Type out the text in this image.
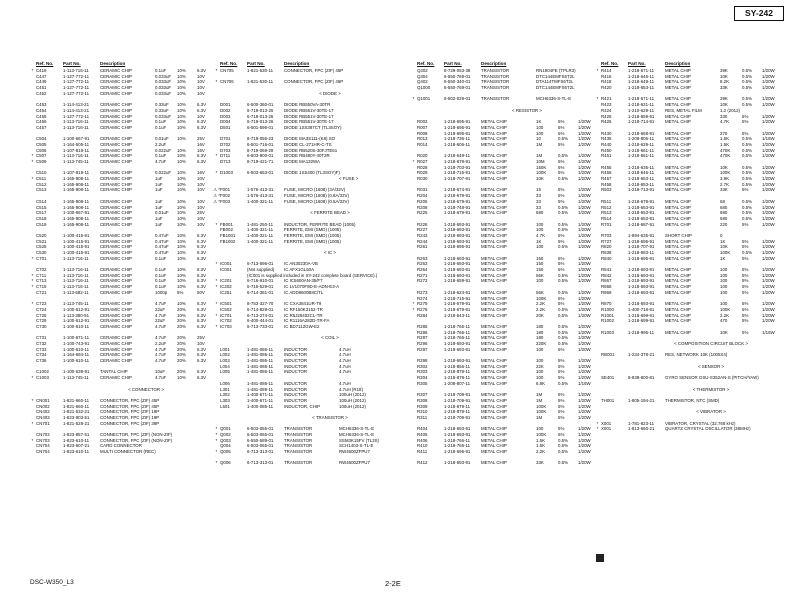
SY-242
Ref. No.	Part No.	Description
* C419	1-113-716-11	CERAMIC CHIP	0.1uF	10%	6.3V
C447	1-127-772-11	CERAMIC CHIP	0.033uF	10%	10V
C449	1-127-772-11	CERAMIC CHIP	0.033uF	10%	10V
C451	1-127-772-11	CERAMIC CHIP	0.033uF	10%	10V
C452	1-127-772-11	CERAMIC CHIP	0.033uF	10%	10V
C453	1-114-413-21	CERAMIC CHIP	0.33uF	10%	6.3V
C454	1-114-413-21	CERAMIC CHIP	0.33uF	10%	6.3V
C455	1-127-772-11	CERAMIC CHIP	0.033uF	10%	10V
C456	1-113-716-11	CERAMIC CHIP	0.1uF	10%	6.3V
C457	1-113-716-11	CERAMIC CHIP	0.1uF	10%	6.3V
C504	1-100-667-91	CERAMIC CHIP	0.01uF	10%	25V
C505	1-164-505-11	CERAMIC CHIP	2.2uF	16V
C506	1-107-819-11	CERAMIC CHIP	0.022uF	10%	16V
* C507	1-113-716-11	CERAMIC CHIP	0.1uF	10%	6.3V
* C509	1-113-745-11	CERAMIC CHIP	4.7uF	10%	6.3V
C510	1-107-819-11	CERAMIC CHIP	0.022uF	10%	16V
* C511	1-165-908-11	CERAMIC CHIP	1uF	10%	10V
C512	1-165-908-11	CERAMIC CHIP	1uF	10%	10V
C513	1-165-908-11	CERAMIC CHIP	1uF	10%	10V
C514	1-165-908-11	CERAMIC CHIP	1uF	10%	10V
C515	1-165-908-11	CERAMIC CHIP	1uF	10%	10V
C517	1-100-667-91	CERAMIC CHIP	0.01uF	10%	25V
C518	1-165-908-11	CERAMIC CHIP	1uF	10%	10V
C519	1-165-908-11	CERAMIC CHIP	1uF	10%	10V
C520	1-100-415-91	CERAMIC CHIP	0.47uF	10%	6.3V
C521	1-100-415-91	CERAMIC CHIP	0.47uF	10%	6.3V
C525	1-100-415-91	CERAMIC CHIP	0.47uF	10%	6.3V
C530	1-100-415-91	CERAMIC CHIP	0.47uF	10%	6.3V
* C701	1-113-716-11	CERAMIC CHIP	0.1uF	10%	6.3V
C702	1-113-716-11	CERAMIC CHIP	0.1uF	10%	6.3V
* C711	1-113-716-11	CERAMIC CHIP	0.1uF	10%	6.3V
* C713	1-113-716-11	CERAMIC CHIP	0.1uF	10%	6.3V
* C715	1-113-716-11	CERAMIC CHIP	0.1uF	10%	6.3V
C721	1-113-682-11	CERAMIC CHIP	1000p	5%	50V
* C723	1-113-745-11	CERAMIC CHIP	4.7uF	10%	6.3V
C724	1-100-612-91	CERAMIC CHIP	22uF	20%	6.3V
C725	1-113-380-91	CERAMIC CHIP	4.7uF	10%	6.3V
C729	1-100-612-91	CERAMIC CHIP	22uF	20%	6.3V
C730	1-100-610-11	CERAMIC CHIP	4.7uF	20%	6.3V
C731	1-100-671-11	CERAMIC CHIP	4.7uF	20%	25V
C732	1-100-743-91	CERAMIC CHIP	2.2uF	20%	10V
C733	1-100-610-11	CERAMIC CHIP	4.7uF	20%	6.3V
C734	1-164-694-11	CERAMIC CHIP	4.7uF	20%	6.3V
C736	1-100-610-11	CERAMIC CHIP	4.7uF	20%	6.3V
C1002	1-100-639-91	TANTAL CHIP	10uF	20%	6.3V
* C1003	1-113-745-11	CERAMIC CHIP	4.7uF	10%	6.3V
< CONNECTOR >
* CN001	1-821-660-11	CONNECTOR, FPC (ZIF) 45P
CN002	1-821-660-11	CONNECTOR, FPC (ZIF) 45P
CN402	1-821-532-21	CONNECTOR, FPC (ZIF) 19P
CN403	1-823-903-51	CONNECTOR, FPC (ZIF) 19P
* CN701	1-821-528-21	CONNECTOR, FPC (ZIF) 39P
CN702	1-823-857-51	CONNECTOR, FPC (ZIF) (NON-ZIF)
* CN703	1-823-610-11	CONNECTOR, FPC (ZIF) (NON-ZIF)
CN704	1-823-607-21	CARD CONNECTOR
CN704	1-823-610-11	MULTI CONNECTOR (REC)
Ref. No.	Part No.	Description
* CN705	1-821-530-11	CONNECTOR, FPC (ZIF) 45P
* CN706	1-821-530-11	CONNECTOR, FPC (ZIF) 45P
< DIODE >
D001	6-500-360-01	DIODE RB550VA-30TR
D002	6-719-013-26	DIODE RB551V-30TE-17
D003	6-719-013-26	DIODE RB551V-30TE-17
D004	6-719-013-26	DIODE RB551V-30TE-17
D501	6-501-596-01	DIODE 1SS387CT (TL3SOY)
D701	8-719-056-23	DIODE MA3S111-(K8).SO
D702	6-501-716-01	DIODE CL-271HR-C-TS
D703	8-719-069-29	DIODE RB520S-30FJTE61
* D711	6-503-800-01	DIODE RB480Y-40T2R
D713	8-719-421-71	DIODE MA132WA
* D1003	6-503-653-01	DIODE 1SS400 (TL3SOY)F)
< FUSE >
⚠ * F001	1-576-413-31	FUSE, MICRO (1608) (3A/32V)
⚠ * F002	1-576-413-31	FUSE, MICRO (1608) (0.8A/32V)
⚠ * F003	1-400-321-11	FUSE, MICRO (1608) (0.5A/32V)
< FERRITE BEAD >
* FB001	1-481-250-11	INDUCTOR, FERRITE BEAD (1005)
FB002	1-400-321-11	FERRITE, EMI (SMD) (1005)
FB1001	1-400-321-11	FERRITE, EMI (SMD) (1005)
FB1002	1-400-321-11	FERRITE, EMI (SMD) (1005)
< IC >
* IC001	6-713-596-01	IC AN30230A-VB
IC001	(Not supplied)	IC AFX1GL50A
(IC001 is supplied included in SY-242 complete board (SERVICE).)
* IC201	6-716-910-01	IC IC5600AN-35/F7
* IC202	6-716-529-01	IC LV1070F9D-E-ADN-E3-A
IC251	6-714-381-01	IC ADD8600B8C/TL
* IC501	8-753-327-70	IC CXA3841UR-T9
IC502	6-714-829-01	IC RF150K3152-TR
* IC701	6-713-274-01	IC R5J28402CL-TR
IC702	6-400-444-01	IC R1116A282D-TR-FA
* IC703	6-713-733-01	IC BD7112GW-E2
< COIL >
L001	1-481-086-11	INDUCTOR	4.7uH
L002	1-481-086-11	INDUCTOR	4.7uH
L003	1-481-086-11	INDUCTOR	4.7uH
L004	1-481-086-11	INDUCTOR	4.7uH
L005	1-481-086-11	INDUCTOR	4.7uH
L006	1-481-086-11	INDUCTOR	4.7uH
L301	1-481-089-11	INDUCTOR	4.7uH (R18)
L302	1-400-671-11	INDUCTOR	100uH (2012)
L303	1-400-671-11	INDUCTOR	100uH (2012)
L501	1-400-085-11	INDUCTOR, CHIP	100uH (2012)
< TRANSISTOR >
* Q001	6-503-065-01	TRANSISTOR	MCH6336-S-TL-E
* Q002	6-503-065-01	TRANSISTOR	MCH6336-S-TL-E
* Q003	6-550-589-01	TRANSISTOR	SSM3K15FV (TL3S)
Q004	6-503-065-01	TRANSISTOR	SCH1403-S-TL-E
* Q005	6-713-313-01	TRANSISTOR	RW4600ZFPU7
* Q006	6-713-313-01	TRANSISTOR	RW4600ZFPU7
Ref. No.	Part No.	Description
Q302	8-729-053-38	TRANSISTOR	RN1904FE (TPLR3)
Q304	6-550-769-01	TRANSISTOR	DTC144EMFS6T2L
Q402	6-550-340-01	TRANSISTOR	DTA114TMFS6T2L
Q1000	6-550-769-01	TRANSISTOR	DTC144EMFS6T2L
* Q1001	6-502-029-01	TRANSISTOR	MCH6336-S-TL-E
< RESISTOR >
R002	1-218-695-91	METAL CHIP	1K	5%	1/20W
R007	1-218-695-91	METAL CHIP	100	5%	1/20W
R008	1-218-695-91	METAL CHIP	100	5%	1/20W
R013	1-218-736-11	METAL CHIP	10	0.5%	1/20W
R014	1-218-606-11	METAL CHIP	1M	5%	1/20W
R020	1-218-649-11	METAL CHIP	1M	0.5%	1/20W
* R027	1-218-679-91	METAL CHIP	10M	5%	1/20W
R028	1-218-703-91	METAL CHIP	150K	5%	1/20W
R029	1-218-715-91	METAL CHIP	100K	5%	1/20W
R030	1-218-707-91	METAL CHIP	10K	0.5%	1/20W
R031	1-218-674-91	METAL CHIP	15	5%	1/20W
R204	1-218-679-91	METAL CHIP	33	5%	1/20W
R206	1-218-679-91	METAL CHIP	33	5%	1/20W
R208	1-218-748-91	METAL CHIP	33	0.5%	1/20W
R225	1-218-679-91	METAL CHIP	680	0.5%	1/20W
R226	1-218-693-91	METAL CHIP	100	0.5%	1/20W
R227	1-218-693-91	METAL CHIP	100	0.5%	1/20W
R243	1-218-693-91	METAL CHIP	4.7K	5%	1/20W
R244	1-218-693-91	METAL CHIP	1K	5%	1/20W
R261	1-218-695-91	METAL CHIP	100	0.5%	1/20W
R263	1-218-693-91	METAL CHIP	150	5%	1/20W
R263	1-218-693-91	METAL CHIP	150	5%	1/20W
R264	1-218-693-91	METAL CHIP	150	5%	1/20W
R271	1-218-693-91	METAL CHIP	56K	0.5%	1/20W
R272	1-218-659-91	METAL CHIP	100	0.5%	1/20W
R273	1-218-624-91	METAL CHIP	56K	0.5%	1/20W
R274	1-218-715-91	METAL CHIP	100K	5%	1/20W
* R275	1-218-679-91	METAL CHIP	2.2K	5%	1/20W
* R276	1-218-679-91	METAL CHIP	2.2K	0.5%	1/20W
R284	1-218-643-11	METAL CHIP	20K	0.5%	1/20W
R285	1-218-766-11	METAL CHIP	180	0.5%	1/20W
R286	1-218-766-11	METAL CHIP	180	0.5%	1/20W
R287	1-218-766-11	METAL CHIP	180	0.5%	1/20W
R296	1-218-693-91	METAL CHIP	220K	0.5%	1/20W
R297	1-218-693-91	METAL CHIP	100	5%	1/20W
R298	1-218-693-91	METAL CHIP	100	5%	1/20W
R302	1-218-856-11	METAL CHIP	22K	5%	1/20W
R303	1-218-879-11	METAL CHIP	100	5%	1/20W
R304	1-218-879-11	METAL CHIP	100	5%	1/20W
R305	1-208-807-11	METAL CHIP	6.8K	0.5%	1/16W
R307	1-218-709-91	METAL CHIP	1M	5%	1/20W
R308	1-218-709-91	METAL CHIP	1M	5%	1/20W
R309	1-218-879-11	METAL CHIP	100K	5%	1/20W
R310	1-218-879-11	METAL CHIP	100K	5%	1/20W
R311	1-218-709-91	METAL CHIP	1M	5%	1/20W
R404	1-218-693-91	METAL CHIP	100	5%	1/20W
R405	1-218-693-91	METAL CHIP	100K	5%	1/20W
R406	1-218-766-11	METAL CHIP	1.5K	0.5%	1/20W
R410	1-218-766-11	METAL CHIP	1.5K	0.5%	1/20W
R411	1-218-696-91	METAL CHIP	2.2K	0.5%	1/20W
R412	1-218-693-91	METAL CHIP	33K	0.5%	1/20W
Ref. No.	Part No.	Description
* R414	1-218-671-11	METAL CHIP	39K	0.5%	1/20W
R416	1-218-646-11	METAL CHIP	10K	0.5%	1/20W
R418	1-218-649-11	METAL CHIP	8.2K	0.5%	1/20W
R420	1-218-653-11	METAL CHIP	33K	0.5%	1/20W
* R421	1-218-671-11	METAL CHIP	39K	0.5%	1/20W
R423	1-218-631-11	METAL CHIP	10K	0.5%	1/20W
R424	1-210-629-11	RES, METAL FILM	1.2 (2012)
R425	1-218-659-91	METAL CHIP	330	5%	1/20W
R426	1-218-714-91	METAL CHIP	4.7K	5%	1/20W
R430	1-218-668-91	METAL CHIP	270	5%	1/20W
R435	1-208-806-11	METAL CHIP	1.5K	0.5%	1/16W
R440	1-218-629-11	METAL CHIP	1.5K	0.5%	1/20W
R450	1-218-661-11	METAL CHIP	470K	0.5%	1/20W
R451	1-218-661-11	METAL CHIP	470K	0.5%	1/20W
R455	1-218-635-11	METAL CHIP	10K	0.5%	1/20W
R456	1-218-646-11	METAL CHIP	100K	0.5%	1/20W
R457	1-218-653-11	METAL CHIP	3.9K	0.5%	1/20W
R458	1-218-653-11	METAL CHIP	2.7K	0.5%	1/20W
R503	1-218-713-91	METAL CHIP	33K	5%	1/20W
R511	1-218-679-91	METAL CHIP	68	0.5%	1/20W
R512	1-218-653-91	METAL CHIP	680	0.5%	1/20W
R513	1-218-653-91	METAL CHIP	680	0.5%	1/20W
R514	1-218-653-91	METAL CHIP	680	0.5%	1/20W
R701	1-218-687-91	METAL CHIP	220	5%	1/20W
R703	1-894-635-91	SHORT CHIP	0
R727	1-218-695-91	METAL CHIP	1K	5%	1/20W
R820	1-218-707-91	METAL CHIP	10K	5%	1/20W
R838	1-218-683-11	METAL CHIP	100K	0.5%	1/20W
R840	1-218-695-91	METAL CHIP	1K	5%	1/20W
R841	1-218-693-91	METAL CHIP	100	5%	1/20W
R842	1-218-693-91	METAL CHIP	100	5%	1/20W
R867	1-218-693-91	METAL CHIP	100	5%	1/20W
R868	1-218-693-91	METAL CHIP	100	5%	1/20W
R869	1-218-693-91	METAL CHIP	100	5%	1/20W
R870	1-218-693-91	METAL CHIP	100	5%	1/20W
R1000	1-400-718-91	METAL CHIP	100K	5%	1/20W
R1001	1-218-699-91	METAL CHIP	2.2K	5%	1/20W
R1002	1-218-699-91	METAL CHIP	470	5%	1/20W
R1003	1-218-995-11	METAL CHIP	10K	5%	1/16W
< COMPOSITION CIRCUIT BLOCK >
RB001	1-234-378-21	RES, NETWORK 10K (1005X4)
< SENSOR >
SE401	8-838-800-81	GYRO SENSOR GSU-S352AN-S (PITCH/YAW)
< THERMISTOR >
TH001	1-805-194-21	THERMISTOR, NTC (SMD)
< VIBRATOR >
* X001	1-781-823-11	VIBRATOR, CRYSTAL (32.768 kHz)
* X001	1-813-660-21	QUARTZ CRYSTAL OSCILLATOR (38MHz)
DSC-W350_L3	2-2E
